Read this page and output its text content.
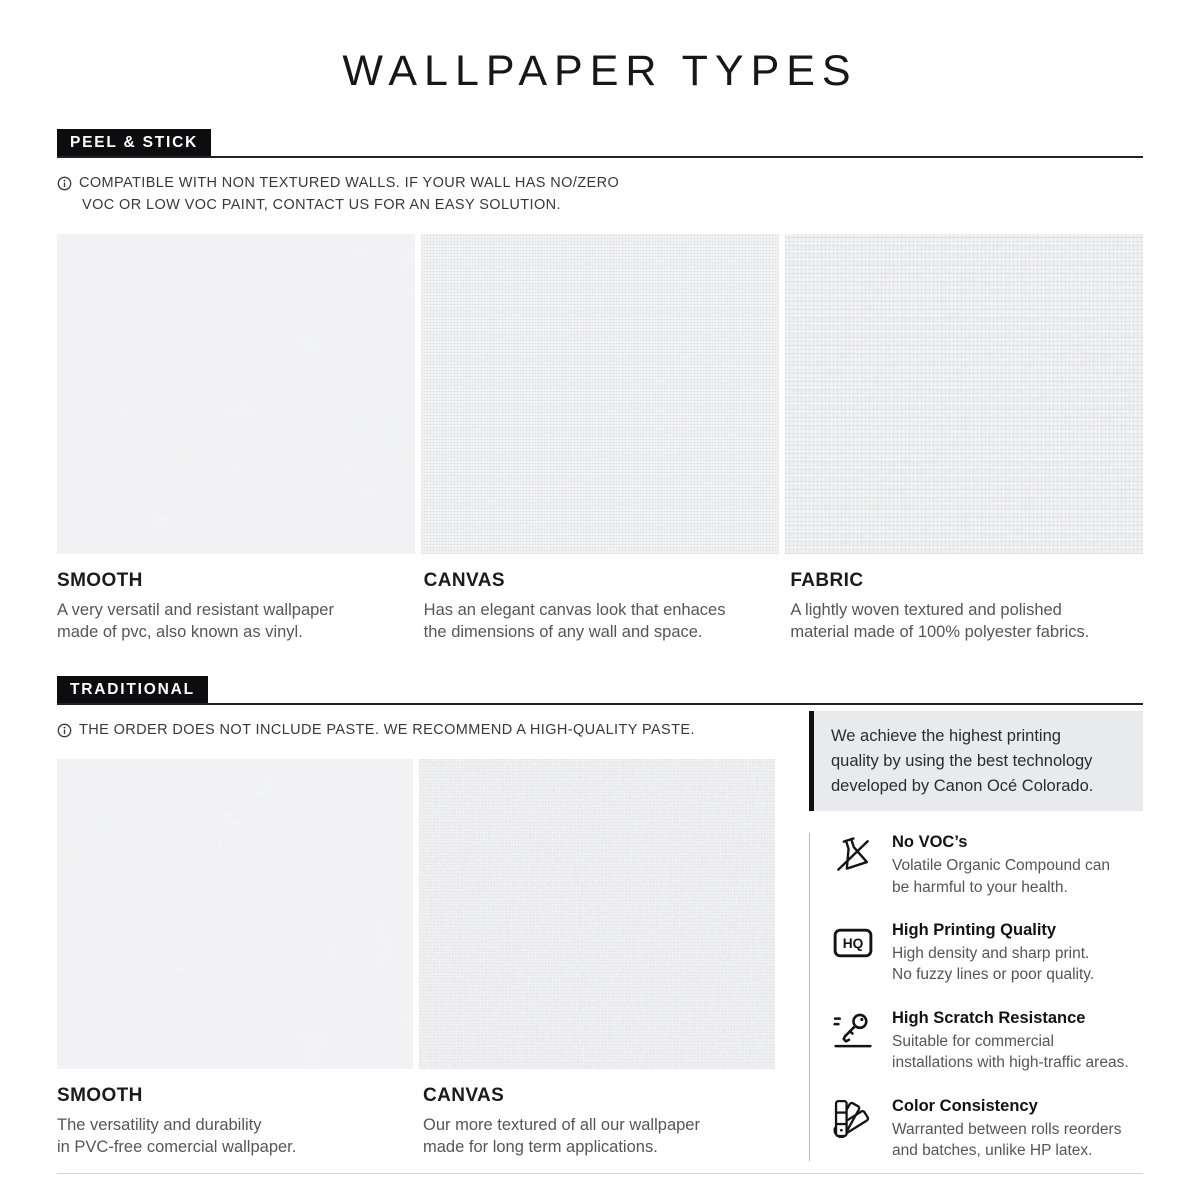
WALLPAPER TYPES
PEEL & STICK
COMPATIBLE WITH NON TEXTURED WALLS. IF YOUR WALL HAS NO/ZERO
VOC OR LOW VOC PAINT, CONTACT US FOR AN EASY SOLUTION.
SMOOTH

A very versatil and resistant wallpaper
made of pvc, also known as vinyl.

CANVAS

Has an elegant canvas look that enhaces
the dimensions of any wall and space.

FABRIC

A lightly woven textured and polished
material made of 100% polyester fabrics.

TRADITIONAL
THE ORDER DOES NOT INCLUDE PASTE. WE RECOMMEND A HIGH-QUALITY PASTE.
SMOOTH

The versatility and durability
in PVC-free comercial wallpaper.

CANVAS

Our more textured of all our wallpaper
made for long term applications.

We achieve the highest printing
quality by using the best technology
developed by Canon Océ Colorado.
No VOC’s
Volatile Organic Compound can
be harmful to your health.
HQ
High Printing Quality
High density and sharp print.
No fuzzy lines or poor quality.
High Scratch Resistance
Suitable for commercial
installations with high-traffic areas.
Color Consistency
Warranted between rolls reorders
and batches, unlike HP latex.
